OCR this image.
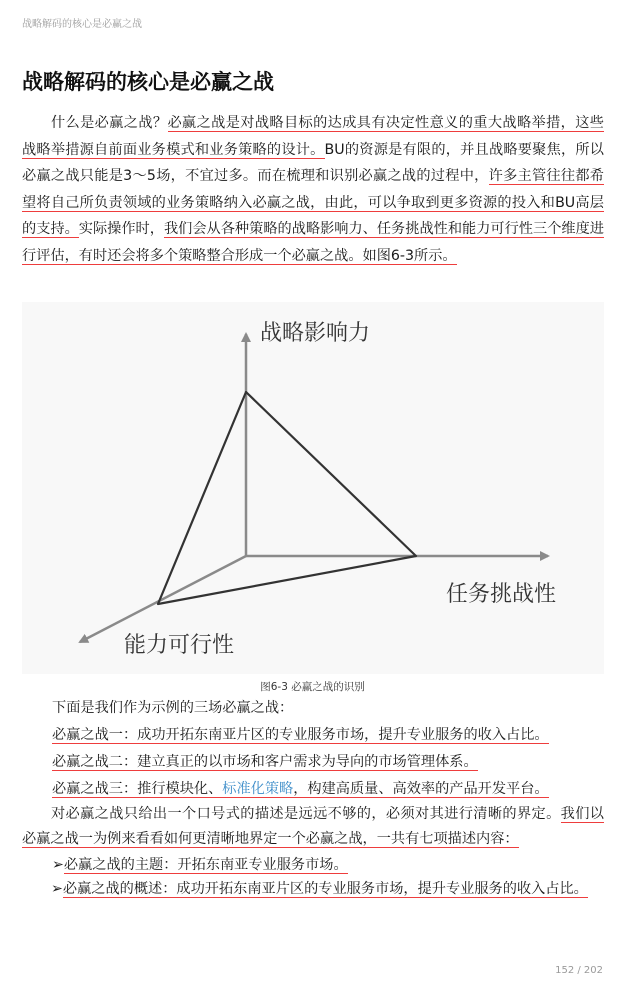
战略解码的核心是必赢之战
战略解码的核心是必赢之战

什么是必赢之战？必赢之战是对战略目标的达成具有决定性意义的重大战略举措，这些战略举措源自前面业务模式和业务策略的设计。BU的资源是有限的，并且战略要聚焦，所以必赢之战只能是3～5场，不宜过多。而在梳理和识别必赢之战的过程中，许多主管往往都希望将自己所负责领域的业务策略纳入必赢之战，由此，可以争取到更多资源的投入和BU高层的支持。实际操作时，我们会从各种策略的战略影响力、任务挑战性和能力可行性三个维度进行评估，有时还会将多个策略整合形成一个必赢之战。如图6-3所示。

战略影响力
任务挑战性
能力可行性
图6-3 必赢之战的识别

下面是我们作为示例的三场必赢之战：

必赢之战一：成功开拓东南亚片区的专业服务市场，提升专业服务的收入占比。

必赢之战二：建立真正的以市场和客户需求为导向的市场管理体系。

必赢之战三：推行模块化、标准化策略，构建高质量、高效率的产品开发平台。

对必赢之战只给出一个口号式的描述是远远不够的，必须对其进行清晰的界定。我们以必赢之战一为例来看看如何更清晰地界定一个必赢之战，一共有七项描述内容：

➢必赢之战的主题：开拓东南亚专业服务市场。

➢必赢之战的概述：成功开拓东南亚片区的专业服务市场，提升专业服务的收入占比。

152 / 202
